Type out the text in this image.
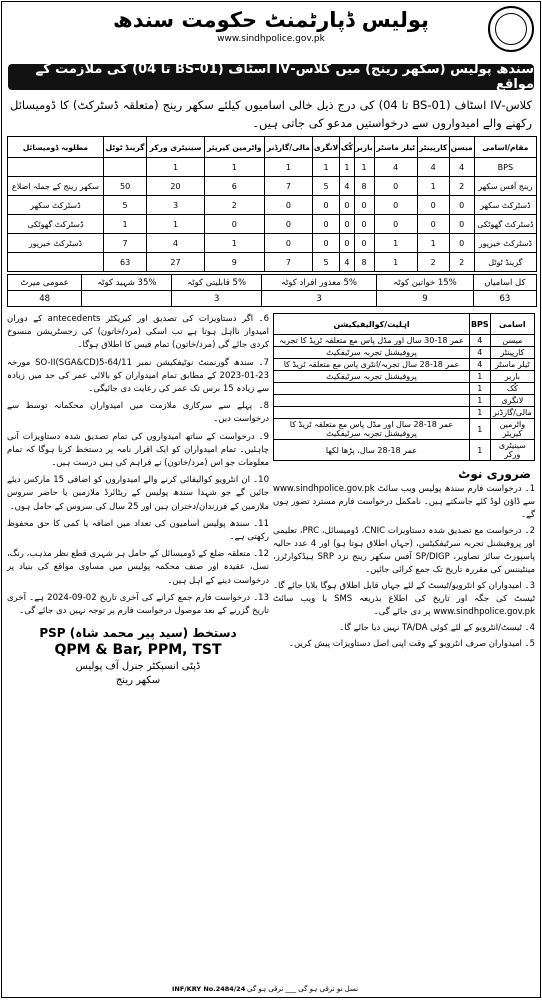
پولیس ڈپارٹمنٹ حکومت سندھ
www.sindhpolice.gov.pk
سندھ پولیس (سکھر رینج) میں کلاس-IV اسٹاف (BS-01 تا 04) کی ملازمت کے مواقع
کلاس-IV اسٹاف (BS-01 تا 04) کی درج ذیل خالی اسامیوں کیلئے سکھر رینج (متعلقہ ڈسٹرکٹ) کا ڈومیسائل رکھنے والے امیدواروں سے درخواستیں مدعو کی جاتی ہیں۔
مقام/اسامی	میسن	کارپینٹر	ٹیلر ماسٹر	باربر	کُک	لانگری	مالی/گارڈنر	واٹرمین کیریئر	سینیٹری ورکر	گرینڈ ٹوٹل	مطلوبہ ڈومیسائل
BPS	4	4	4	1	1	1	1	1	1		
رینج آفس سکھر	2	1	0	8	4	5	7	6	20	50	سکھر رینج کے جملہ اضلاع
ڈسٹرکٹ سکھر	0	0	0	0	0	0	0	2	3	5	ڈسٹرکٹ سکھر
ڈسٹرکٹ گھوٹکی	0	0	0	0	0	0	0	0	1	1	ڈسٹرکٹ گھوٹکی
ڈسٹرکٹ خیرپور	0	1	1	0	0	0	0	1	4	7	ڈسٹرکٹ خیرپور
گرینڈ ٹوٹل	2	2	1	8	4	5	7	9	27	63	
کل اسامیاں	15% خواتین کوٹہ	5% معذور افراد کوٹہ	5% قابلیتی کوٹہ	35% شہید کوٹہ	عمومی میرٹ
63	9	3	3		48
اسامی	BPS	اہلیت/کوالیفیکیشن
میسن	4	عمر 18-30 سال اور مڈل پاس مع متعلقہ ٹریڈ کا تجربہ
کارپینٹر	4	پروفیشنل تجربہ سرٹیفکیٹ
ٹیلر ماسٹر	4	عمر 18-28 سال تجربہ/انٹری پاس مع متعلقہ ٹریڈ کا
باربر	1	پروفیشنل تجربہ سرٹیفکیٹ
کُک	1	
لانگری	1	
مالی/گارڈنر	1	
واٹرمین کیریئر	1	عمر 18-28 سال اور مڈل پاس مع متعلقہ ٹریڈ کا پروفیشنل تجربہ سرٹیفکیٹ
سینیٹری ورکر	1	عمر 18-28 سال، پڑھا لکھا
ضروری نوٹ
1۔ درخواست فارم سندھ پولیس ویب سائٹ www.sindhpolice.gov.pk سے ڈاؤن لوڈ کئے جاسکتے ہیں۔ نامکمل درخواست فارم مسترد تصور ہوں گے۔
2۔ درخواست مع تصدیق شدہ دستاویزات CNIC، ڈومیسائل، PRC، تعلیمی اور پروفیشنل تجربہ سرٹیفکیٹس، (جہاں اطلاق ہوتا ہو) اور 4 عدد حالیہ پاسپورٹ سائز تصاویر، SP/DIGP آفس سکھر رینج نزد SRP ہیڈکوارٹرز، مینٹیننس کی مقررہ تاریخ تک جمع کرائی جائیں۔
3۔ امیدواران کو انٹرویو/ٹیسٹ کے لئے جہاں قابل اطلاق ہوگا بلایا جائے گا۔ ٹیسٹ کی جگہ اور تاریخ کی اطلاع بذریعہ SMS یا ویب سائٹ www.sindhpolice.gov.pk پر دی جائے گی۔
4۔ ٹیسٹ/انٹرویو کے لئے کوئی TA/DA نہیں دیا جائے گا۔
5۔ امیدواران صرف انٹرویو کے وقت اپنی اصل دستاویزات پیش کریں۔
6۔ اگر دستاویزات کی تصدیق اور کیریکٹر antecedents کے دوران امیدوار نااہل ہوتا ہے تب اسکی (مرد/خاتون) کی رجسٹریشن منسوخ کردی جائے گی (مرد/خاتون) تمام فیس کا اطلاق ہوگا۔
7۔ سندھ گورنمنٹ نوٹیفکیشن نمبر SO-II(SGA&CD)5-64/11 مورخہ 23-01-2023 کے مطابق تمام امیدواران کو بالائی عمر کی حد میں زیادہ سے زیادہ 15 برس تک عمر کی رعایت دی جائیگی۔
8۔ پہلے سے سرکاری ملازمت میں امیدواران محکمانہ توسط سے درخواست دیں۔
9۔ درخواست کے ساتھ امیدواروں کی تمام تصدیق شدہ دستاویزات آنی چاہئیں۔ تمام امیدواران کو ایک اقرار نامہ پر دستخط کرنا ہوگا کہ تمام معلومات جو اس (مرد/خاتون) نے فراہم کی ہیں درست ہیں۔
10۔ ان انٹرویو کوالیفائی کرنے والے امیدواروں کو اضافی 15 مارکس دیئے جائیں گے جو شہدا سندھ پولیس کے ریٹائرڈ ملازمین یا حاضر سروس ملازمین کے فرزندان/دختران ہیں اور 25 سال کی سروس کے حامل ہوں۔
11۔ سندھ پولیس اسامیوں کی تعداد میں اضافہ یا کمی کا حق محفوظ رکھتی ہے۔
12۔ متعلقہ ضلع کے ڈومیسائل کے حامل ہر شہری قطع نظر مذہب، رنگ، نسل، عقیدہ اور صنف محکمہ پولیس میں مساوی مواقع کی بنیاد پر درخواست دینے کے اہل ہیں۔
13۔ درخواست فارم جمع کرانے کی آخری تاریخ 02-09-2024 ہے۔ آخری تاریخ گزرنے کے بعد موصول درخواست فارم پر توجہ نہیں دی جائے گی۔
دستخط (سید پیر محمد شاہ) PSP
QPM & Bar, PPM, TST
ڈپٹی انسپکٹر جنرل آف پولیس
سکھر رینج
INF/KRY No.2484/24 نسل نو ترقی ہو گی ___ ترقی ہو گی
